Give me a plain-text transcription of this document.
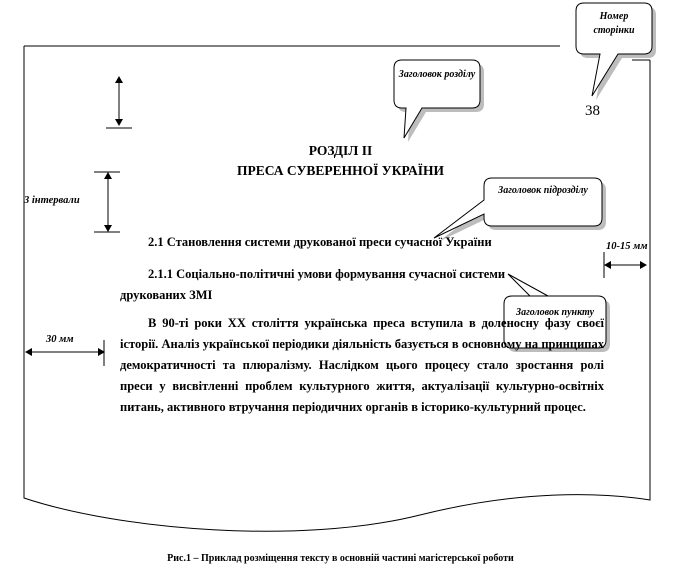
38
РОЗДІЛ ІІ
ПРЕСА СУВЕРЕННОЇ УКРАЇНИ
2.1 Становлення системи друкованої преси сучасної України
2.1.1 Соціально-політичні умови формування сучасної системи
друкованих ЗМІ
В 90-ті роки ХХ століття українська преса вступила в доленосну фазу своєї історії. Аналіз української періодики діяльність базується в основному на принципах демократичності та плюралізму. Наслідком цього процесу стало зростання ролі преси у висвітленні проблем культурного життя, актуалізації культурно-освітніх питань, активного втручання періодичних органів в історико-культурний процес.
Номер сторінки
Заголовок розділу
Заголовок підрозділу
Заголовок пункту
3 інтервали
10-15 мм
30 мм
Рис.1 – Приклад розміщення тексту в основній частині магістерської роботи
